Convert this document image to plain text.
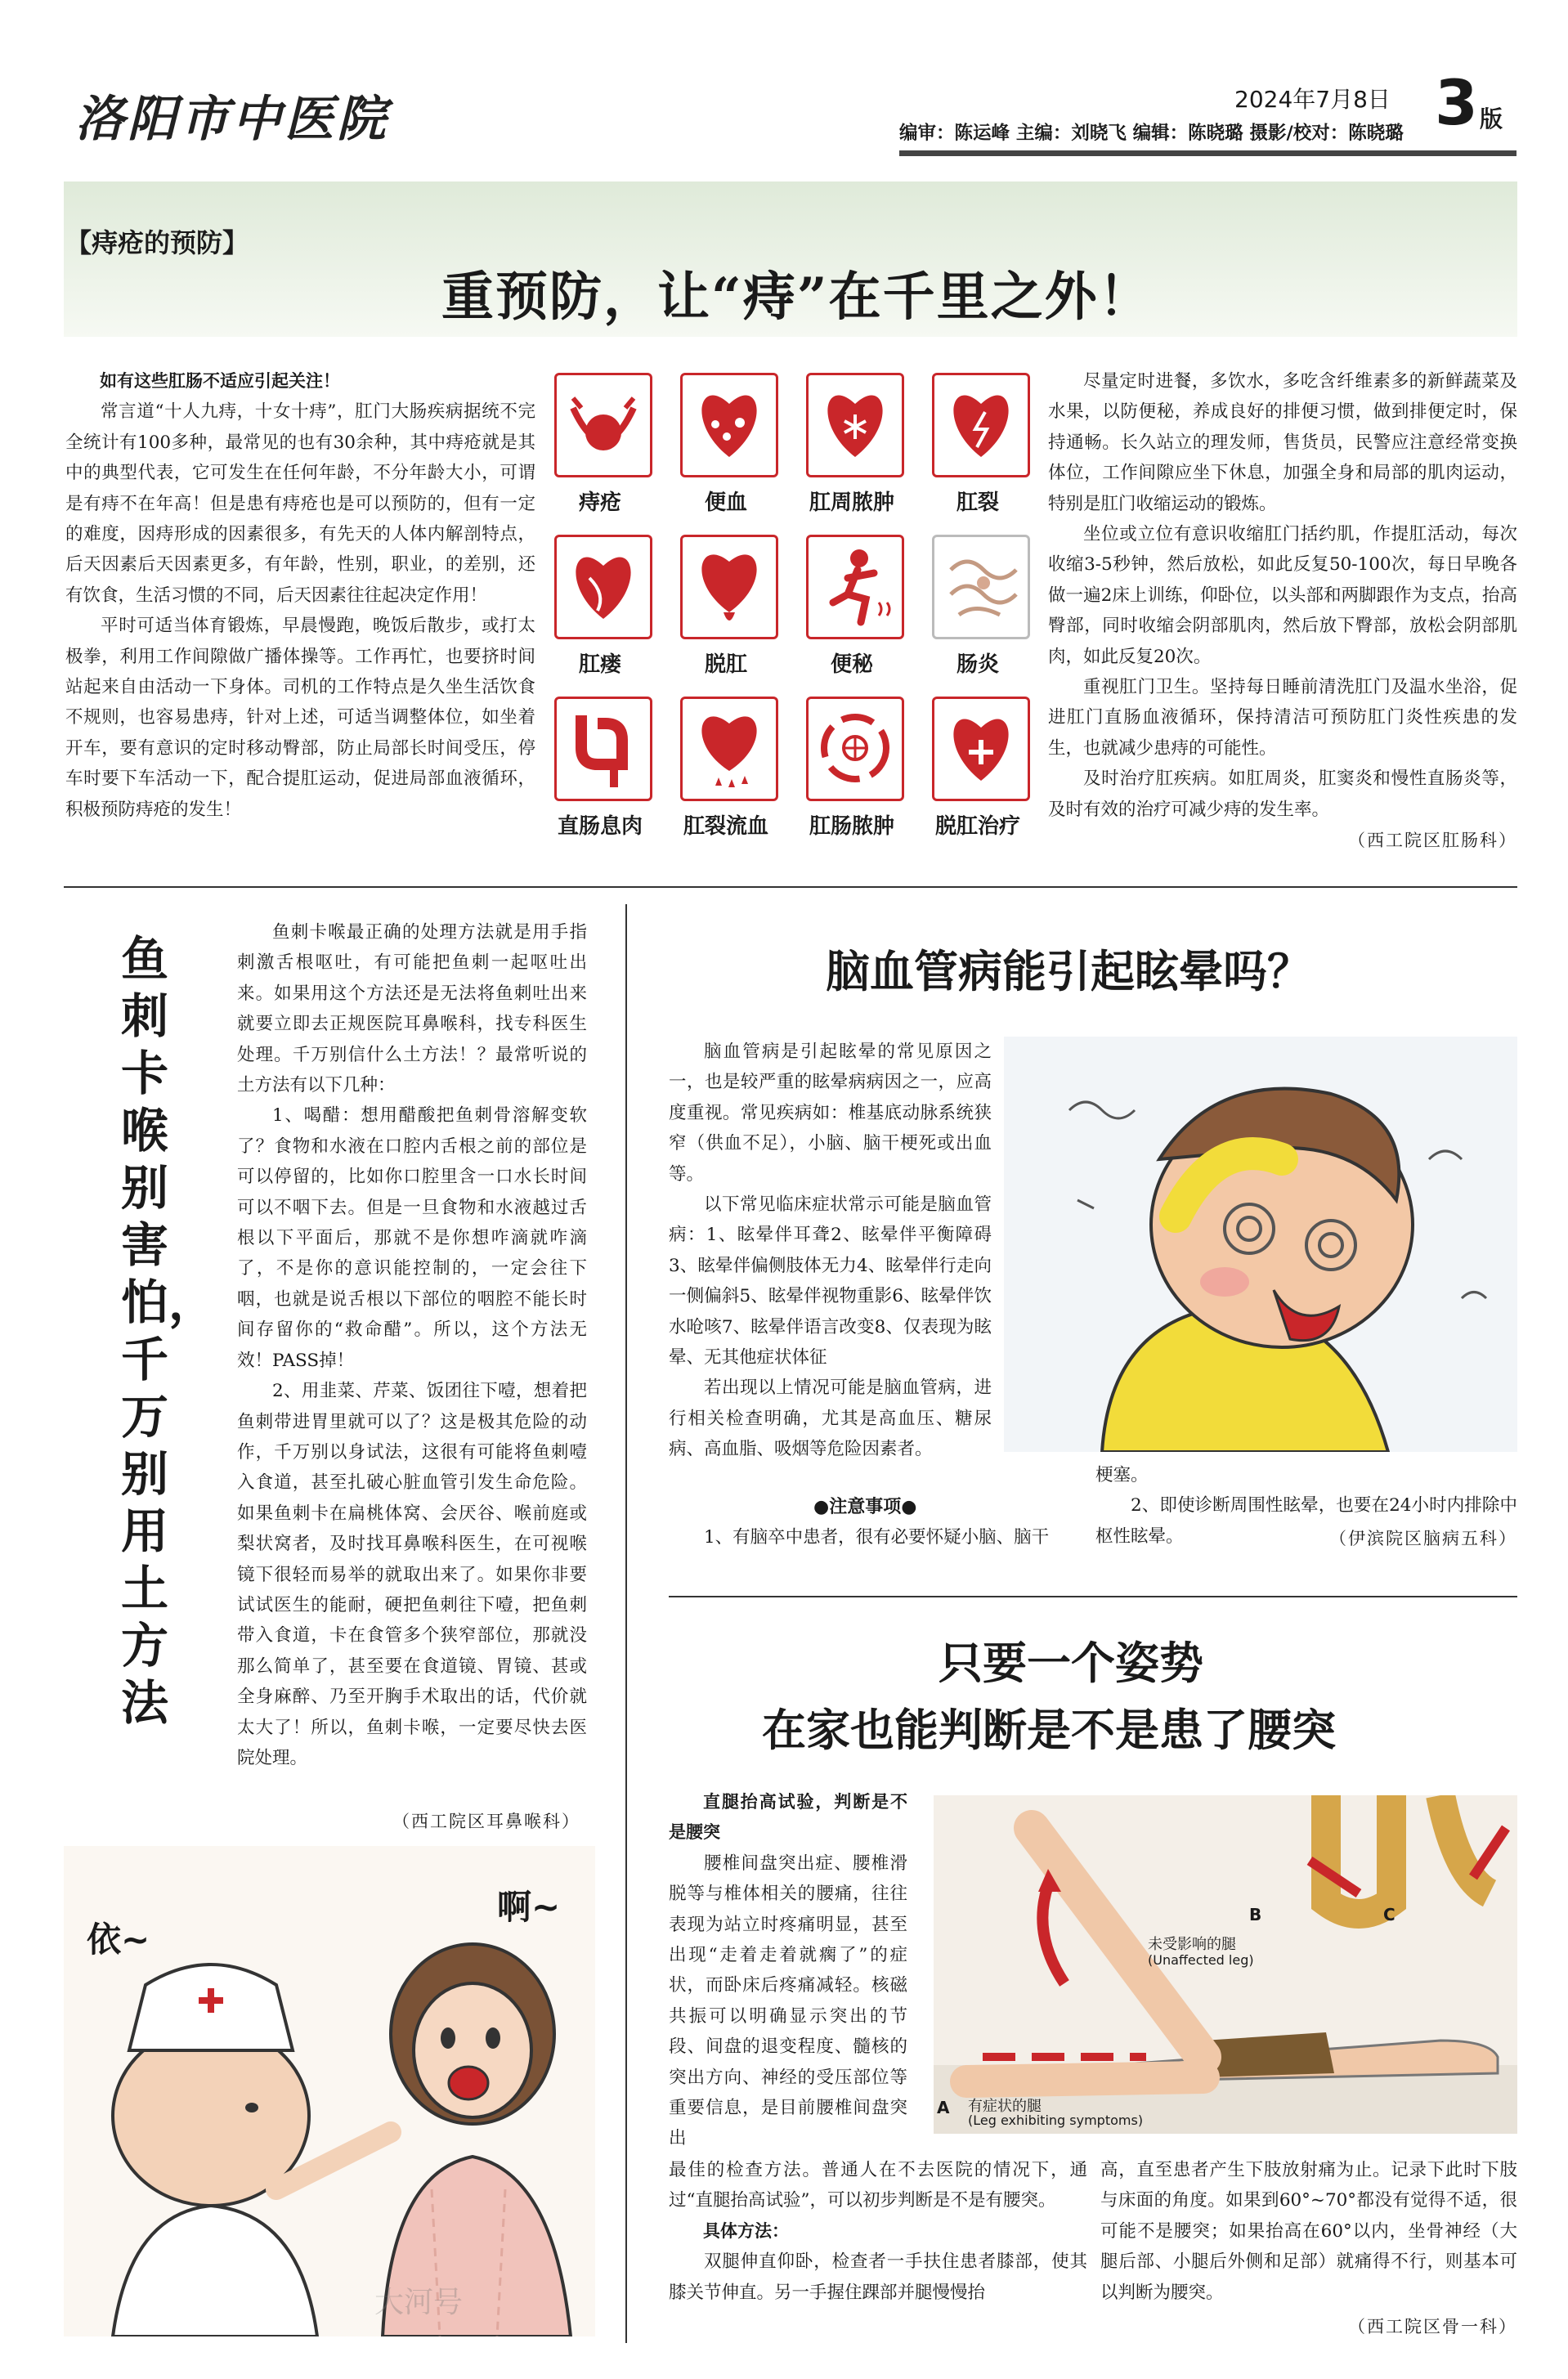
洛阳市中医院	2024年7月8日 3 版
编审：陈运峰 主编：刘晓飞 编辑：陈晓璐 摄影/校对：陈晓璐
【痔疮的预防】
重预防，让“痔”在千里之外！

如有这些肛肠不适应引起关注！

常言道“十人九痔，十女十痔”，肛门大肠疾病据统不完全统计有100多种，最常见的也有30余种，其中痔疮就是其中的典型代表，它可发生在任何年龄，不分年龄大小，可谓是有痔不在年高！但是患有痔疮也是可以预防的，但有一定的难度，因痔形成的因素很多，有先天的人体内解剖特点，后天因素后天因素更多，有年龄，性别，职业，的差别，还有饮食，生活习惯的不同，后天因素往往起决定作用！

平时可适当体育锻炼，早晨慢跑，晚饭后散步，或打太极拳，利用工作间隙做广播体操等。工作再忙，也要挤时间站起来自由活动一下身体。司机的工作特点是久坐生活饮食不规则，也容易患痔，针对上述，可适当调整体位，如坐着开车，要有意识的定时移动臀部，防止局部长时间受压，停车时要下车活动一下，配合提肛运动，促进局部血液循环，积极预防痔疮的发生！

痔疮	便血	肛周脓肿	肛裂
肛瘘	脱肛	便秘	肠炎
直肠息肉	肛裂流血	肛肠脓肿	脱肛治疗

尽量定时进餐，多饮水，多吃含纤维素多的新鲜蔬菜及水果，以防便秘，养成良好的排便习惯，做到排便定时，保持通畅。长久站立的理发师，售货员，民警应注意经常变换体位，工作间隙应坐下休息，加强全身和局部的肌肉运动，特别是肛门收缩运动的锻炼。

坐位或立位有意识收缩肛门括约肌，作提肛活动，每次收缩3-5秒钟，然后放松，如此反复50-100次，每日早晚各做一遍2床上训练，仰卧位，以头部和两脚跟作为支点，抬高臀部，同时收缩会阴部肌肉，然后放下臀部，放松会阴部肌肉，如此反复20次。

重视肛门卫生。坚持每日睡前清洗肛门及温水坐浴，促进肛门直肠血液循环，保持清洁可预防肛门炎性疾患的发生，也就减少患痔的可能性。

及时治疗肛疾病。如肛周炎，肛窦炎和慢性直肠炎等，及时有效的治疗可减少痔的发生率。

（西工院区肛肠科）
鱼刺卡喉别害怕，千万别用土方法

鱼刺卡喉最正确的处理方法就是用手指刺激舌根呕吐，有可能把鱼刺一起呕吐出来。如果用这个方法还是无法将鱼刺吐出来就要立即去正规医院耳鼻喉科，找专科医生处理。千万别信什么土方法！？最常听说的土方法有以下几种：

1、喝醋：想用醋酸把鱼刺骨溶解变软了？食物和水液在口腔内舌根之前的部位是可以停留的，比如你口腔里含一口水长时间可以不咽下去。但是一旦食物和水液越过舌根以下平面后，那就不是你想咋滴就咋滴了，不是你的意识能控制的，一定会往下咽，也就是说舌根以下部位的咽腔不能长时间存留你的“救命醋”。所以，这个方法无效！PASS掉！

2、用韭菜、芹菜、饭团往下噎，想着把鱼刺带进胃里就可以了？这是极其危险的动作，千万别以身试法，这很有可能将鱼刺噎入食道，甚至扎破心脏血管引发生命危险。如果鱼刺卡在扁桃体窝、会厌谷、喉前庭或梨状窝者，及时找耳鼻喉科医生，在可视喉镜下很轻而易举的就取出来了。如果你非要试试医生的能耐，硬把鱼刺往下噎，把鱼刺带入食道，卡在食管多个狭窄部位，那就没那么简单了，甚至要在食道镜、胃镜、甚或全身麻醉、乃至开胸手术取出的话，代价就太大了！所以，鱼刺卡喉，一定要尽快去医院处理。

（西工院区耳鼻喉科）
依~
啊~
大河号
脑血管病能引起眩晕吗？

脑血管病是引起眩晕的常见原因之一，也是较严重的眩晕病病因之一，应高度重视。常见疾病如：椎基底动脉系统狭窄（供血不足），小脑、脑干梗死或出血等。

以下常见临床症状常示可能是脑血管病：1、眩晕伴耳聋2、眩晕伴平衡障碍3、眩晕伴偏侧肢体无力4、眩晕伴行走向一侧偏斜5、眩晕伴视物重影6、眩晕伴饮水呛咳7、眩晕伴语言改变8、仅表现为眩晕、无其他症状体征

若出现以上情况可能是脑血管病，进行相关检查明确，尤其是高血压、糖尿病、高血脂、吸烟等危险因素者。

●注意事项●

1、有脑卒中患者，很有必要怀疑小脑、脑干

梗塞。

2、即使诊断周围性眩晕，也要在24小时内排除中枢性眩晕。	（伊滨院区脑病五科）
只要一个姿势
在家也能判断是不是患了腰突

直腿抬高试验，判断是不是腰突

腰椎间盘突出症、腰椎滑脱等与椎体相关的腰痛，往往表现为站立时疼痛明显，甚至出现“走着走着就瘸了”的症状，而卧床后疼痛减轻。核磁共振可以明确显示突出的节段、间盘的退变程度、髓核的突出方向、神经的受压部位等重要信息，是目前腰椎间盘突出

B	C
A
未受影响的腿
(Unaffected leg)
有症状的腿
(Leg exhibiting symptoms)

最佳的检查方法。普通人在不去医院的情况下，通过“直腿抬高试验”，可以初步判断是不是有腰突。

具体方法：

双腿伸直仰卧，检查者一手扶住患者膝部，使其膝关节伸直。另一手握住踝部并腿慢慢抬

高，直至患者产生下肢放射痛为止。记录下此时下肢与床面的角度。如果到60°~70°都没有觉得不适，很可能不是腰突；如果抬高在60°以内，坐骨神经（大腿后部、小腿后外侧和足部）就痛得不行，则基本可以判断为腰突。

（西工院区骨一科）
